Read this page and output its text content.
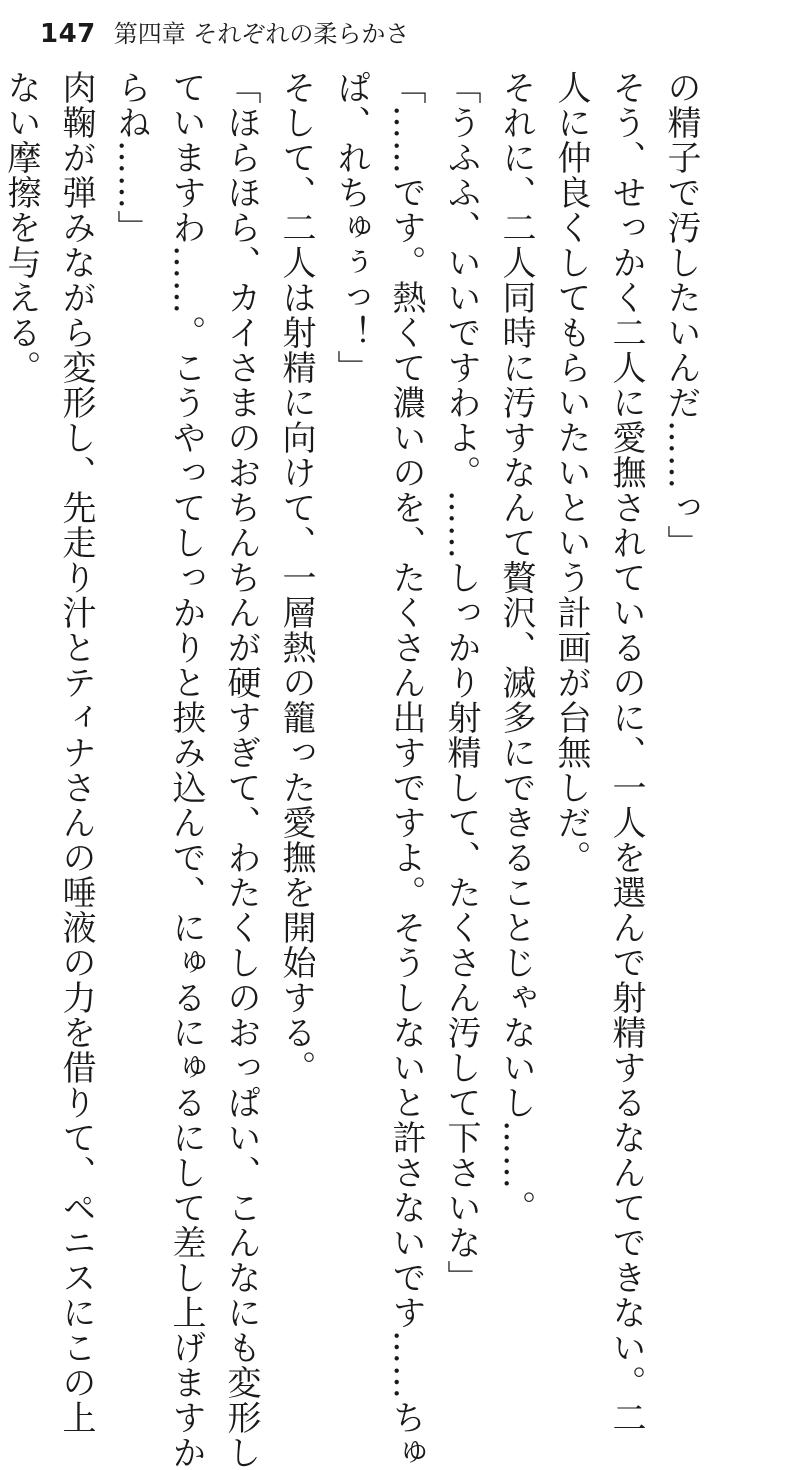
147 第四章 それぞれの柔らかさ
の精子で汚したいんだ……っ」
そう、せっかく二人に愛撫されているのに、一人を選んで射精するなんてできない。二
人に仲良くしてもらいたいという計画が台無しだ。
それに、二人同時に汚すなんて贅沢、滅多にできることじゃないし……。
「うふふ、いいですわよ。……しっかり射精して、たくさん汚して下さいな」
「……です。熱くて濃いのを、たくさん出すですよ。そうしないと許さないです……ちゅ
ぱ、れちゅぅっ！」
そして、二人は射精に向けて、一層熱の籠った愛撫を開始する。
「ほらほら、カイさまのおちんちんが硬すぎて、わたくしのおっぱい、こんなにも変形し
ていますわ……。こうやってしっかりと挟み込んで、にゅるにゅるにして差し上げますか
らね……」
肉鞠が弾みながら変形し、先走り汁とティナさんの唾液の力を借りて、ペニスにこの上
ない摩擦を与える。
